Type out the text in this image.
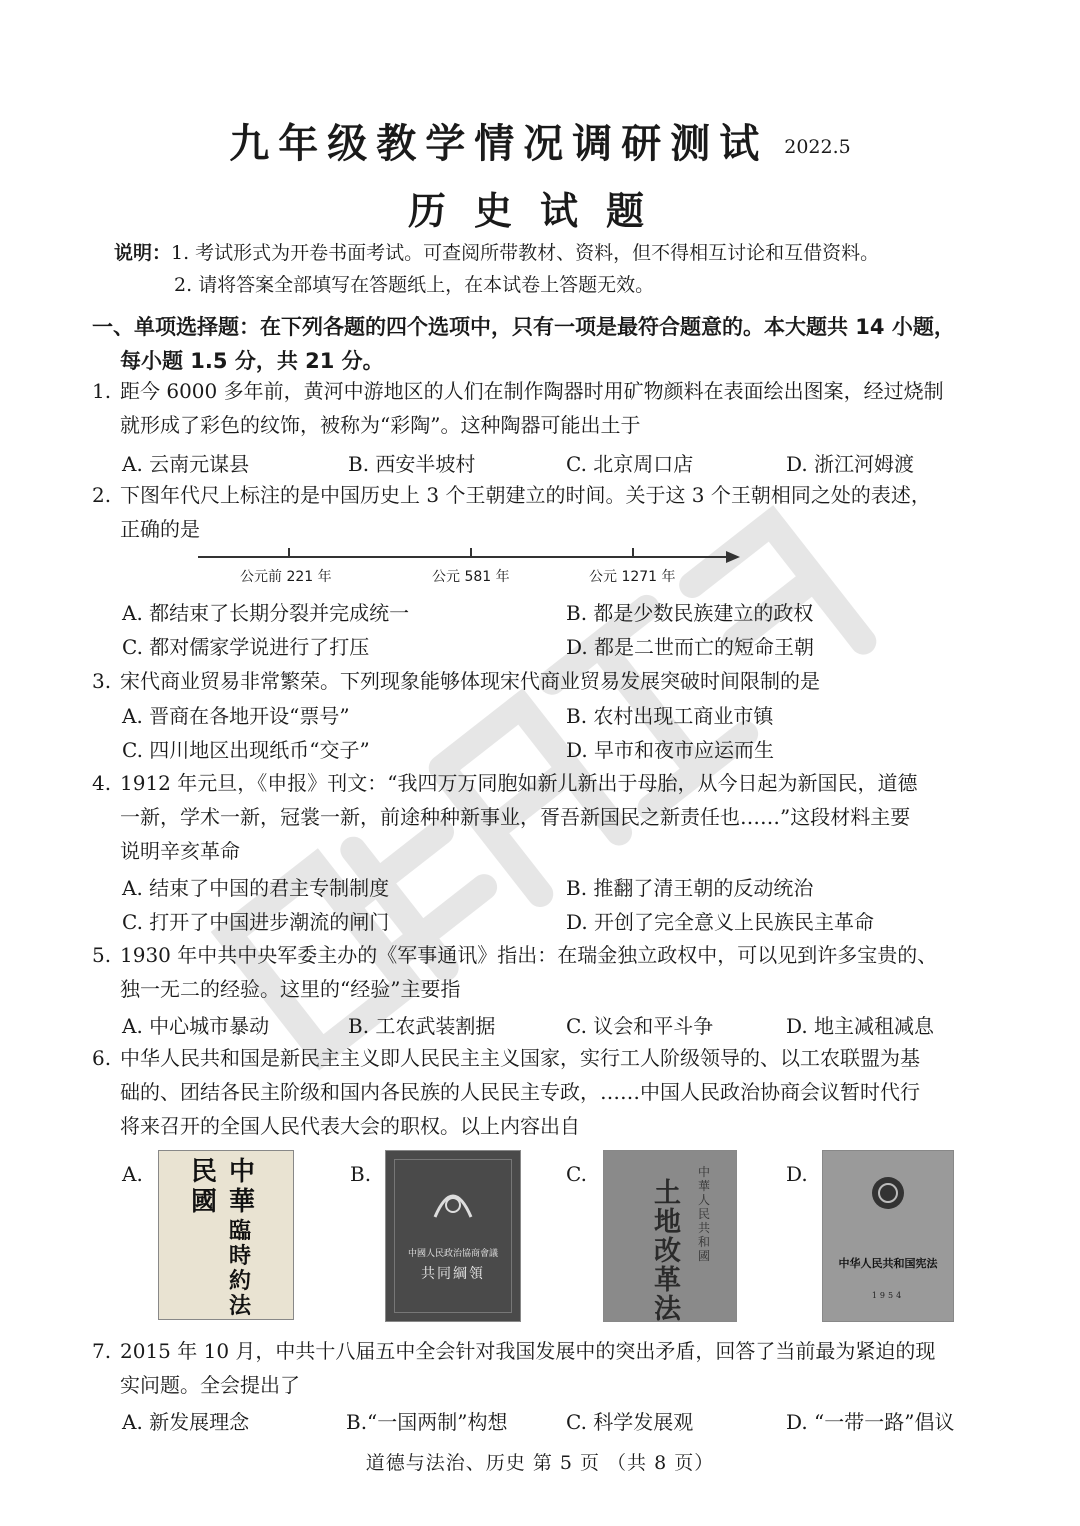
九年级教学情况调研测试 2022.5
历史试题
说明：1. 考试形式为开卷书面考试。可查阅所带教材、资料，但不得相互讨论和互借资料。
2. 请将答案全部填写在答题纸上，在本试卷上答题无效。
一、单项选择题：在下列各题的四个选项中，只有一项是最符合题意的。本大题共 14 小题，
每小题 1.5 分，共 21 分。
1. 距今 6000 多年前，黄河中游地区的人们在制作陶器时用矿物颜料在表面绘出图案，经过烧制
就形成了彩色的纹饰，被称为“彩陶”。这种陶器可能出土于
A. 云南元谋县	B. 西安半坡村	C. 北京周口店	D. 浙江河姆渡
2. 下图年代尺上标注的是中国历史上 3 个王朝建立的时间。关于这 3 个王朝相同之处的表述，
正确的是
公元前 221 年	公元 581 年	公元 1271 年
A. 都结束了长期分裂并完成统一	B. 都是少数民族建立的政权
C. 都对儒家学说进行了打压	D. 都是二世而亡的短命王朝
3. 宋代商业贸易非常繁荣。下列现象能够体现宋代商业贸易发展突破时间限制的是
A. 晋商在各地开设“票号”	B. 农村出现工商业市镇
C. 四川地区出现纸币“交子”	D. 早市和夜市应运而生
4. 1912 年元旦，《申报》刊文：“我四万万同胞如新儿新出于母胎，从今日起为新国民，道德
一新，学术一新，冠裳一新，前途种种新事业，胥吾新国民之新责任也……”这段材料主要
说明辛亥革命
A. 结束了中国的君主专制制度	B. 推翻了清王朝的反动统治
C. 打开了中国进步潮流的闸门	D. 开创了完全意义上民族民主革命
5. 1930 年中共中央军委主办的《军事通讯》指出：在瑞金独立政权中，可以见到许多宝贵的、
独一无二的经验。这里的“经验”主要指
A. 中心城市暴动	B. 工农武装割据	C. 议会和平斗争	D. 地主减租减息
6. 中华人民共和国是新民主主义即人民民主主义国家，实行工人阶级领导的、以工农联盟为基
础的、团结各民主阶级和国内各民族的人民民主专政，……中国人民政治协商会议暂时代行
将来召开的全国人民代表大会的职权。以上内容出自
A.	B.	C.	D.
中華
民國
臨時約法
中國人民政治協商會議
共同綱領
中華人民共和國
土地改革法
中华人民共和国宪法
1954
7. 2015 年 10 月，中共十八届五中全会针对我国发展中的突出矛盾，回答了当前最为紧迫的现
实问题。全会提出了
A. 新发展理念	B.“一国两制”构想	C. 科学发展观	D. “一带一路”倡议
道德与法治、历史 第 5 页 （共 8 页）
